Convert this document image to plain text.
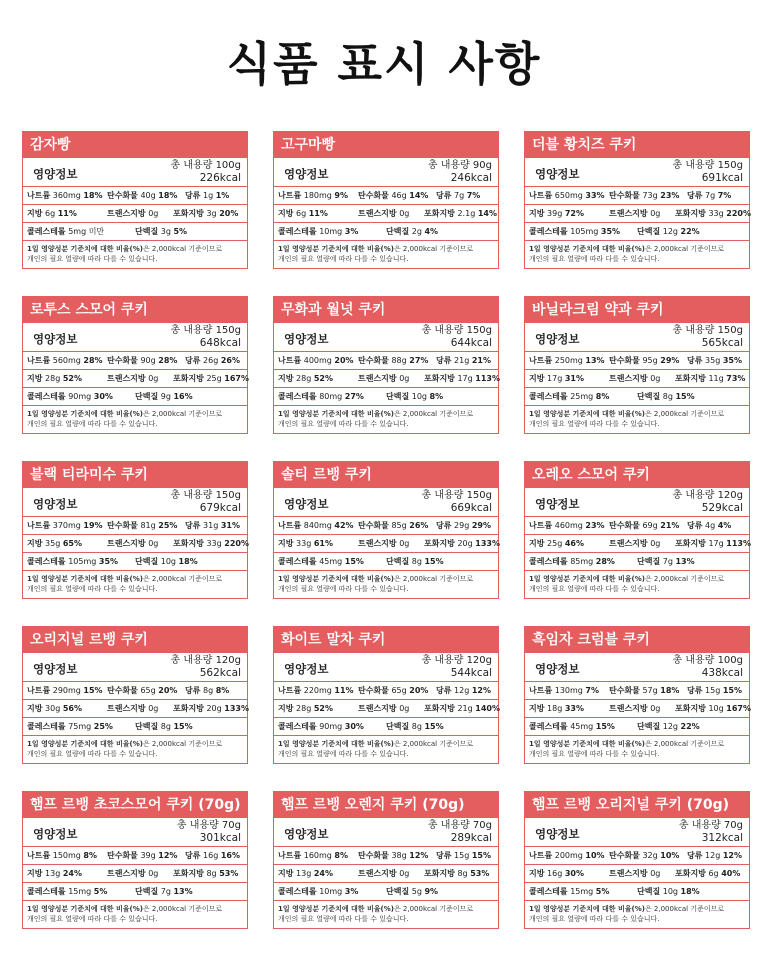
식품 표시 사항
감자빵
영양정보
총 내용량 100g
226kcal
나트륨 360mg 18% 탄수화물 40g 18% 당류 1g 1%
지방 6g 11%	트랜스지방 0g 포화지방 3g 20%
콜레스테롤 5mg 미만	단백질 3g 5%
1일 영양성분 기준치에 대한 비율(%)은 2,000kcal 기준이므로
개인의 필요 열량에 따라 다를 수 있습니다.
고구마빵
영양정보
총 내용량 90g
246kcal
나트륨 180mg 9% 탄수화물 46g 14% 당류 7g 7%
지방 6g 11%	트랜스지방 0g 포화지방 2.1g 14%
콜레스테롤 10mg 3%	단백질 2g 4%
1일 영양성분 기준치에 대한 비율(%)은 2,000kcal 기준이므로
개인의 필요 열량에 따라 다를 수 있습니다.
더블 황치즈 쿠키
영양정보
총 내용량 150g
691kcal
나트륨 650mg 33% 탄수화물 73g 23% 당류 7g 7%
지방 39g 72%	트랜스지방 0g 포화지방 33g 220%
콜레스테롤 105mg 35% 단백질 12g 22%
1일 영양성분 기준치에 대한 비율(%)은 2,000kcal 기준이므로
개인의 필요 열량에 따라 다를 수 있습니다.
로투스 스모어 쿠키
영양정보
총 내용량 150g
648kcal
나트륨 560mg 28% 탄수화물 90g 28% 당류 26g 26%
지방 28g 52%	트랜스지방 0g 포화지방 25g 167%
콜레스테롤 90mg 30%	단백질 9g 16%
1일 영양성분 기준치에 대한 비율(%)은 2,000kcal 기준이므로
개인의 필요 열량에 따라 다를 수 있습니다.
무화과 월넛 쿠키
영양정보
총 내용량 150g
644kcal
나트륨 400mg 20% 탄수화물 88g 27% 당류 21g 21%
지방 28g 52%	트랜스지방 0g 포화지방 17g 113%
콜레스테롤 80mg 27%	단백질 10g 8%
1일 영양성분 기준치에 대한 비율(%)은 2,000kcal 기준이므로
개인의 필요 열량에 따라 다를 수 있습니다.
바닐라크림 약과 쿠키
영양정보
총 내용량 150g
565kcal
나트륨 250mg 13% 탄수화물 95g 29% 당류 35g 35%
지방 17g 31%	트랜스지방 0g 포화지방 11g 73%
콜레스테롤 25mg 8%	단백질 8g 15%
1일 영양성분 기준치에 대한 비율(%)은 2,000kcal 기준이므로
개인의 필요 열량에 따라 다를 수 있습니다.
블랙 티라미수 쿠키
영양정보
총 내용량 150g
679kcal
나트륨 370mg 19% 탄수화물 81g 25% 당류 31g 31%
지방 35g 65%	트랜스지방 0g 포화지방 33g 220%
콜레스테롤 105mg 35% 단백질 10g 18%
1일 영양성분 기준치에 대한 비율(%)은 2,000kcal 기준이므로
개인의 필요 열량에 따라 다를 수 있습니다.
솔티 르뱅 쿠키
영양정보
총 내용량 150g
669kcal
나트륨 840mg 42% 탄수화물 85g 26% 당류 29g 29%
지방 33g 61%	트랜스지방 0g 포화지방 20g 133%
콜레스테롤 45mg 15%	단백질 8g 15%
1일 영양성분 기준치에 대한 비율(%)은 2,000kcal 기준이므로
개인의 필요 열량에 따라 다를 수 있습니다.
오레오 스모어 쿠키
영양정보
총 내용량 120g
529kcal
나트륨 460mg 23% 탄수화물 69g 21% 당류 4g 4%
지방 25g 46%	트랜스지방 0g 포화지방 17g 113%
콜레스테롤 85mg 28%	단백질 7g 13%
1일 영양성분 기준치에 대한 비율(%)은 2,000kcal 기준이므로
개인의 필요 열량에 따라 다를 수 있습니다.
오리지널 르뱅 쿠키
영양정보
총 내용량 120g
562kcal
나트륨 290mg 15% 탄수화물 65g 20% 당류 8g 8%
지방 30g 56%	트랜스지방 0g 포화지방 20g 133%
콜레스테롤 75mg 25%	단백질 8g 15%
1일 영양성분 기준치에 대한 비율(%)은 2,000kcal 기준이므로
개인의 필요 열량에 따라 다를 수 있습니다.
화이트 말차 쿠키
영양정보
총 내용량 120g
544kcal
나트륨 220mg 11% 탄수화물 65g 20% 당류 12g 12%
지방 28g 52%	트랜스지방 0g 포화지방 21g 140%
콜레스테롤 90mg 30%	단백질 8g 15%
1일 영양성분 기준치에 대한 비율(%)은 2,000kcal 기준이므로
개인의 필요 열량에 따라 다를 수 있습니다.
흑임자 크럼블 쿠키
영양정보
총 내용량 100g
438kcal
나트륨 130mg 7% 탄수화물 57g 18% 당류 15g 15%
지방 18g 33%	트랜스지방 0g 포화지방 10g 167%
콜레스테롤 45mg 15%	단백질 12g 22%
1일 영양성분 기준치에 대한 비율(%)은 2,000kcal 기준이므로
개인의 필요 열량에 따라 다를 수 있습니다.
햄프 르뱅 초코스모어 쿠키 (70g)
영양정보
총 내용량 70g
301kcal
나트륨 150mg 8% 탄수화물 39g 12% 당류 16g 16%
지방 13g 24%	트랜스지방 0g 포화지방 8g 53%
콜레스테롤 15mg 5%	단백질 7g 13%
1일 영양성분 기준치에 대한 비율(%)은 2,000kcal 기준이므로
개인의 필요 열량에 따라 다를 수 있습니다.
햄프 르뱅 오렌지 쿠키 (70g)
영양정보
총 내용량 70g
289kcal
나트륨 160mg 8% 탄수화물 38g 12% 당류 15g 15%
지방 13g 24%	트랜스지방 0g 포화지방 8g 53%
콜레스테롤 10mg 3%	단백질 5g 9%
1일 영양성분 기준치에 대한 비율(%)은 2,000kcal 기준이므로
개인의 필요 열량에 따라 다를 수 있습니다.
햄프 르뱅 오리지널 쿠키 (70g)
영양정보
총 내용량 70g
312kcal
나트륨 200mg 10% 탄수화물 32g 10% 당류 12g 12%
지방 16g 30%	트랜스지방 0g 포화지방 6g 40%
콜레스테롤 15mg 5%	단백질 10g 18%
1일 영양성분 기준치에 대한 비율(%)은 2,000kcal 기준이므로
개인의 필요 열량에 따라 다를 수 있습니다.
